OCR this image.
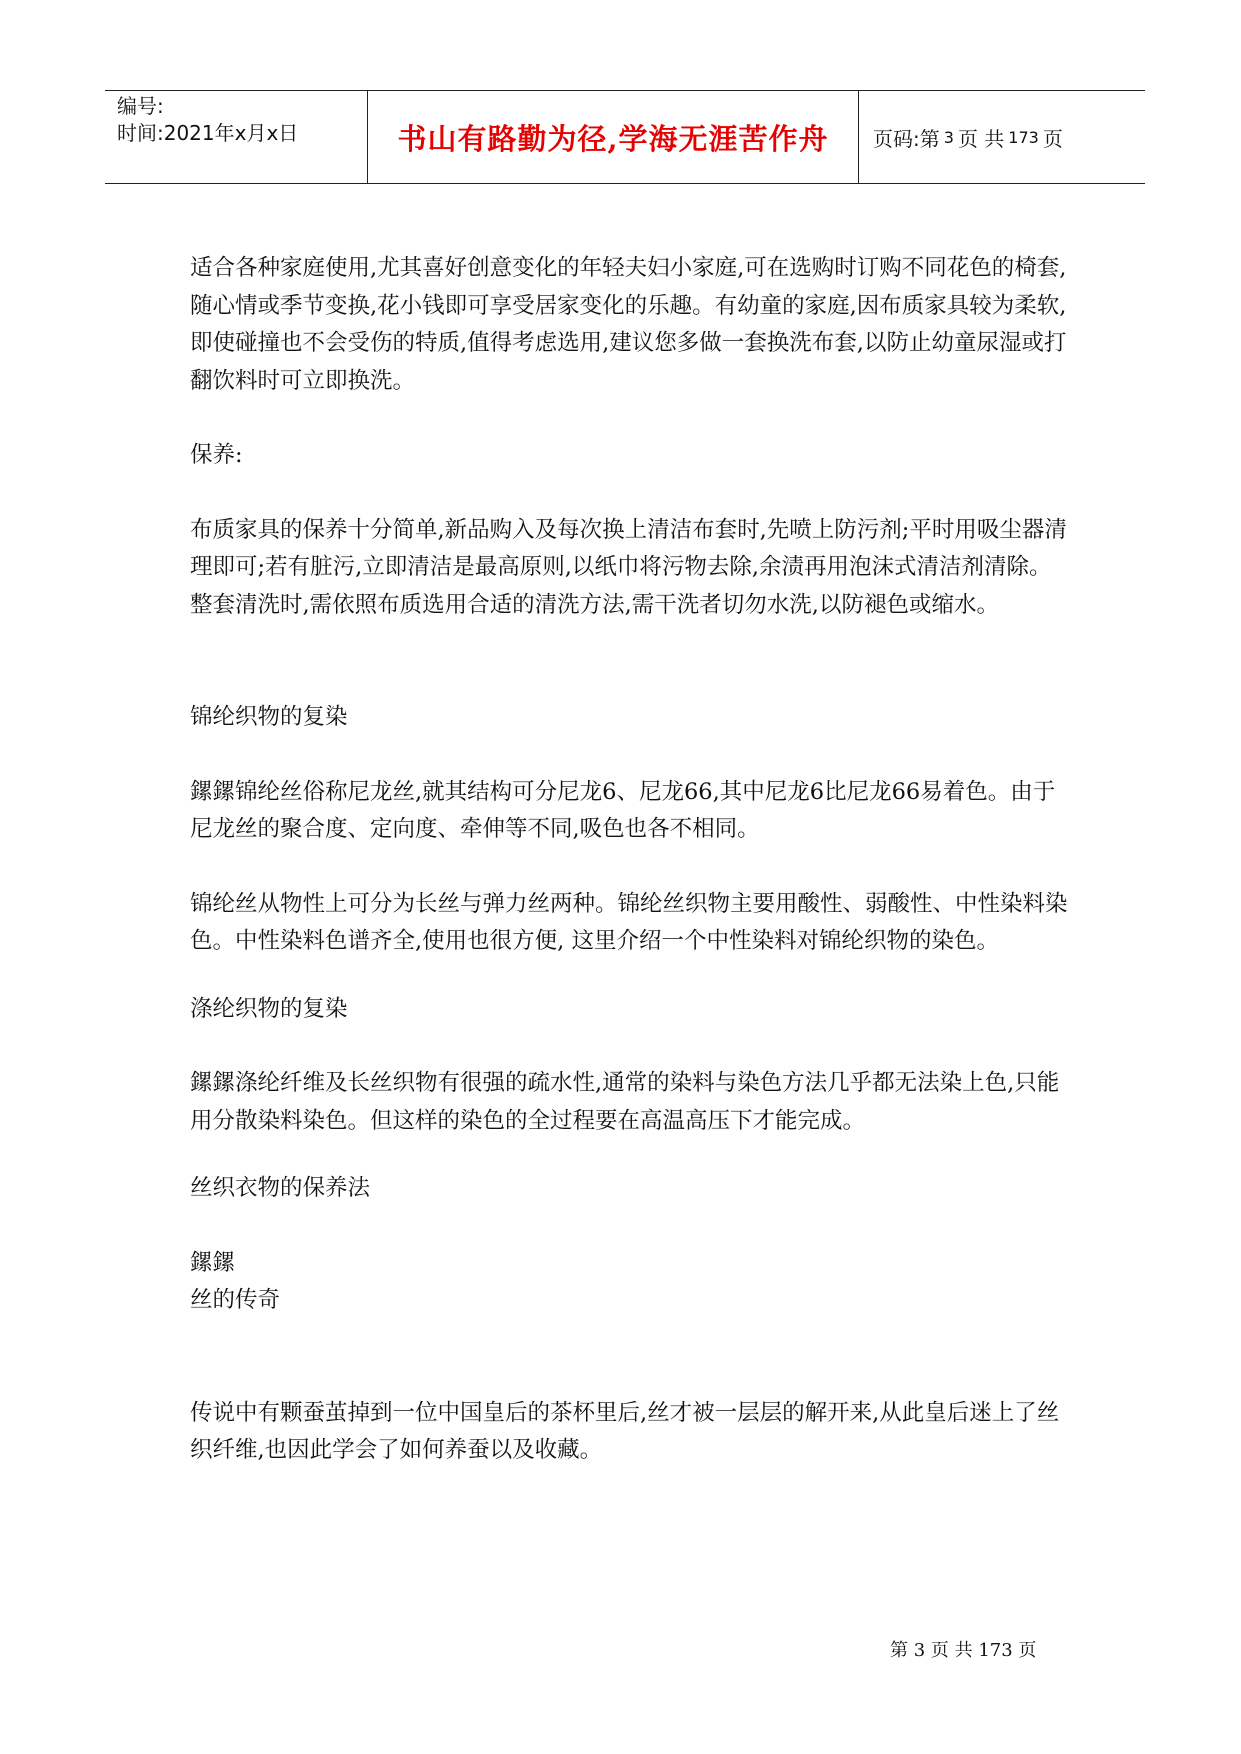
编号:
时间:2021年x月x日	书山有路勤为径,学海无涯苦作舟	页码:第 3 页 共 173 页

适合各种家庭使用,尤其喜好创意变化的年轻夫妇小家庭,可在选购时订购不同花色的椅套,随心情或季节变换,花小钱即可享受居家变化的乐趣。有幼童的家庭,因布质家具较为柔软,即使碰撞也不会受伤的特质,值得考虑选用,建议您多做一套换洗布套,以防止幼童尿湿或打翻饮料时可立即换洗。

保养:

布质家具的保养十分简单,新品购入及每次换上清洁布套时,先喷上防污剂;平时用吸尘器清理即可;若有脏污,立即清洁是最高原则,以纸巾将污物去除,余渍再用泡沫式清洁剂清除。整套清洗时,需依照布质选用合适的清洗方法,需干洗者切勿水洗,以防褪色或缩水。

锦纶织物的复染

鏍鏍锦纶丝俗称尼龙丝,就其结构可分尼龙6、尼龙66,其中尼龙6比尼龙66易着色。由于尼龙丝的聚合度、定向度、牵伸等不同,吸色也各不相同。

锦纶丝从物性上可分为长丝与弹力丝两种。锦纶丝织物主要用酸性、弱酸性、中性染料染色。中性染料色谱齐全,使用也很方便, 这里介绍一个中性染料对锦纶织物的染色。

涤纶织物的复染

鏍鏍涤纶纤维及长丝织物有很强的疏水性,通常的染料与染色方法几乎都无法染上色,只能用分散染料染色。但这样的染色的全过程要在高温高压下才能完成。

丝织衣物的保养法

鏍鏍

丝的传奇

传说中有颗蚕茧掉到一位中国皇后的茶杯里后,丝才被一层层的解开来,从此皇后迷上了丝织纤维,也因此学会了如何养蚕以及收藏。

第 3 页 共 173 页
